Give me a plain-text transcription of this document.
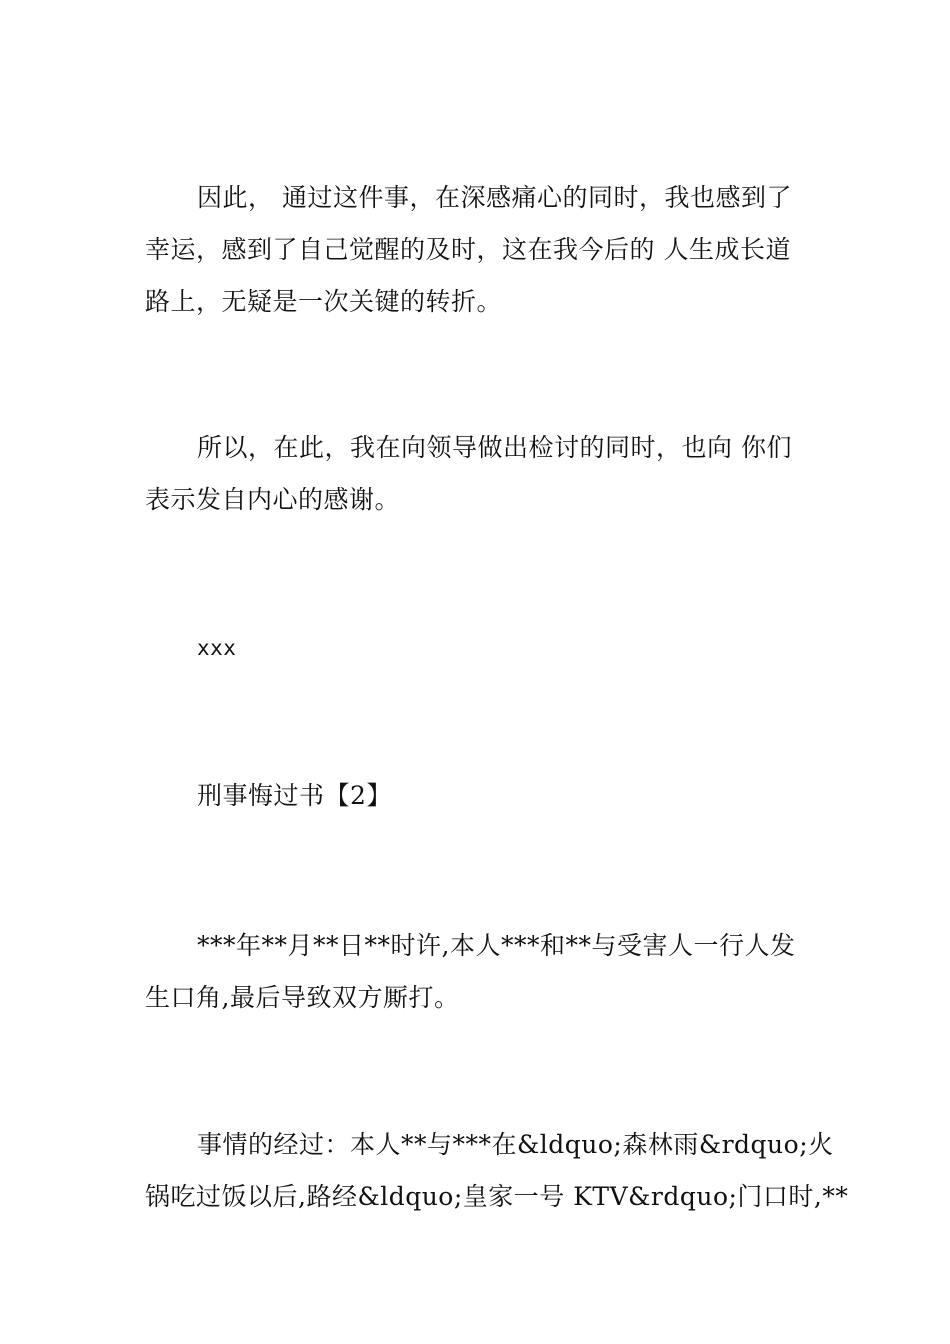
因此， 通过这件事，在深感痛心的同时，我也感到了
幸运，感到了自己觉醒的及时，这在我今后的 人生成长道
路上，无疑是一次关键的转折。
所以，在此，我在向领导做出检讨的同时，也向 你们
表示发自内心的感谢。
xxx
刑事悔过书【2】
***年**月**日**时许,本人***和**与受害人一行人发
生口角,最后导致双方厮打。
事情的经过：本人**与***在&ldquo;森林雨&rdquo;火
锅吃过饭以后,路经&ldquo;皇家一号 KTV&rdquo;门口时,**
